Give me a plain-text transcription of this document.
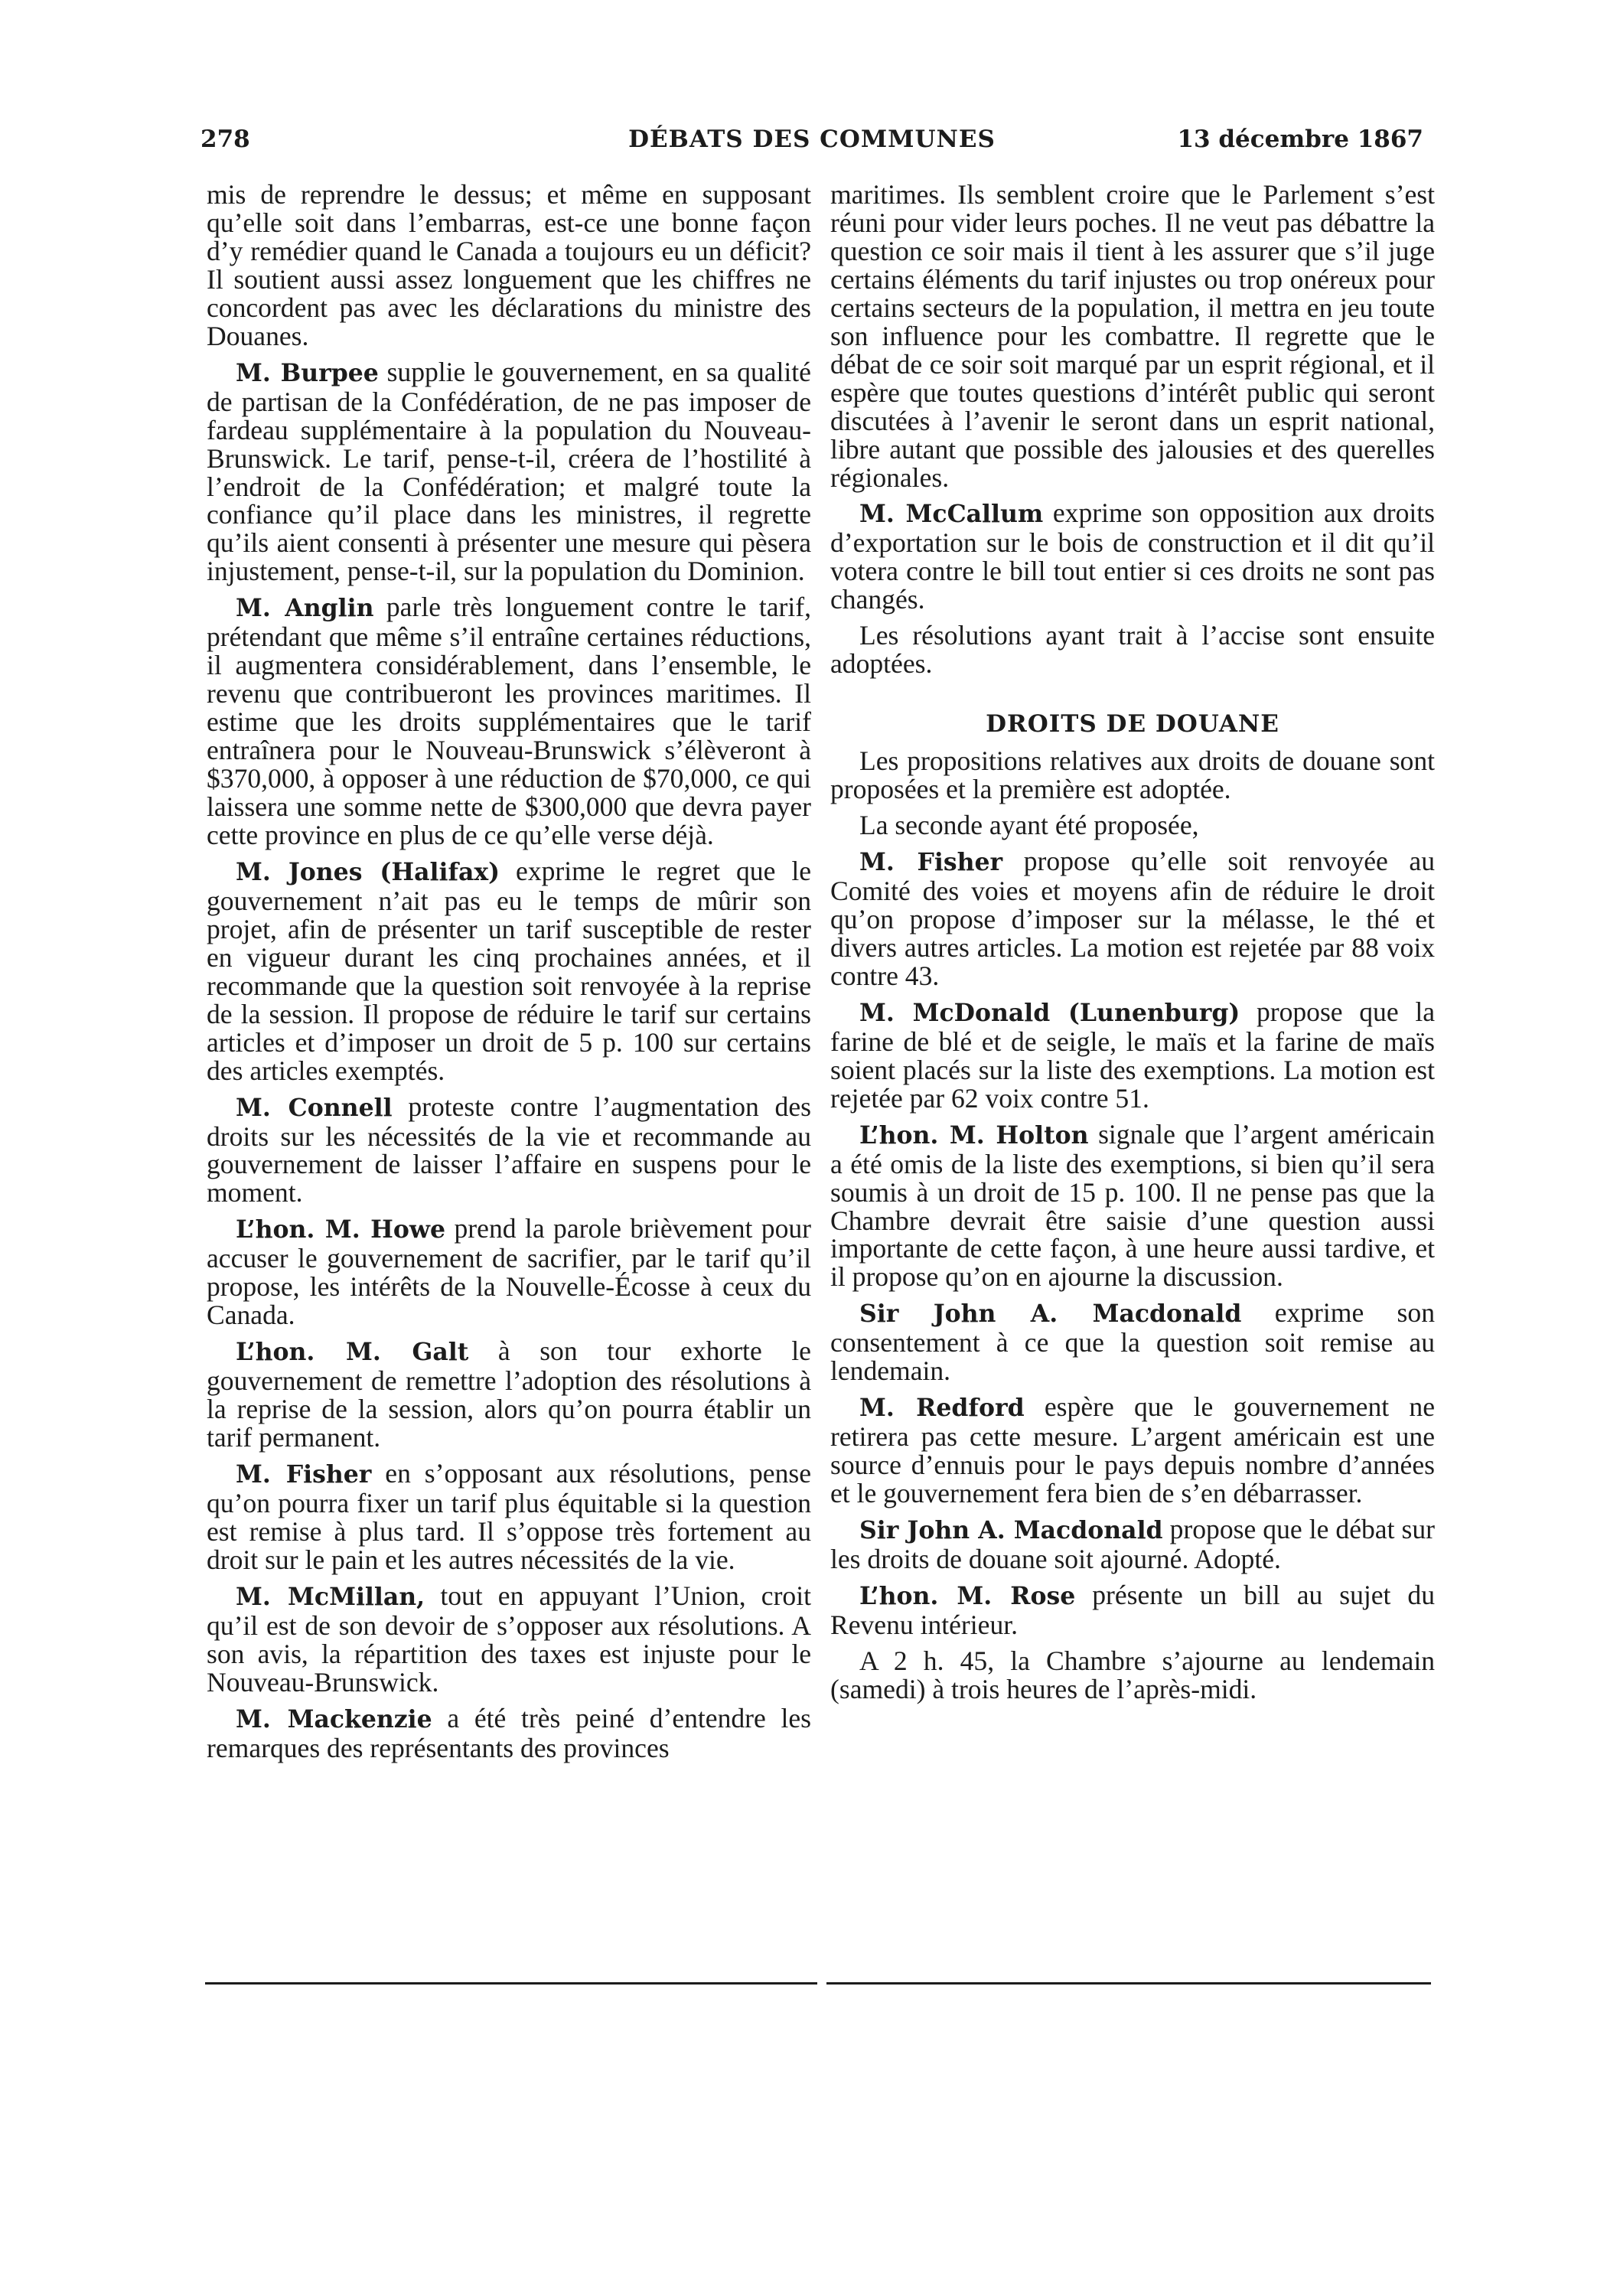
278	DÉBATS DES COMMUNES	13 décembre 1867

mis de reprendre le dessus; et même en supposant qu’elle soit dans l’embarras, est-ce une bonne façon d’y remédier quand le Canada a toujours eu un déficit? Il soutient aussi assez longuement que les chiffres ne concordent pas avec les déclarations du ministre des Douanes.

M. Burpee supplie le gouvernement, en sa qualité de partisan de la Confédération, de ne pas imposer de fardeau supplémentaire à la population du Nouveau-Brunswick. Le tarif, pense-t-il, créera de l’hostilité à l’endroit de la Confédération; et malgré toute la confiance qu’il place dans les ministres, il regrette qu’ils aient consenti à présenter une mesure qui pèsera injustement, pense-t-il, sur la population du Dominion.

M. Anglin parle très longuement contre le tarif, prétendant que même s’il entraîne certaines réductions, il augmentera considérablement, dans l’ensemble, le revenu que contribueront les provinces maritimes. Il estime que les droits supplémentaires que le tarif entraînera pour le Nouveau-Brunswick s’élèveront à $370,000, à opposer à une réduction de $70,000, ce qui laissera une somme nette de $300,000 que devra payer cette province en plus de ce qu’elle verse déjà.

M. Jones (Halifax) exprime le regret que le gouvernement n’ait pas eu le temps de mûrir son projet, afin de présenter un tarif susceptible de rester en vigueur durant les cinq prochaines années, et il recommande que la question soit renvoyée à la reprise de la session. Il propose de réduire le tarif sur certains articles et d’imposer un droit de 5 p. 100 sur certains des articles exemptés.

M. Connell proteste contre l’augmentation des droits sur les nécessités de la vie et recommande au gouvernement de laisser l’affaire en suspens pour le moment.

L’hon. M. Howe prend la parole brièvement pour accuser le gouvernement de sacrifier, par le tarif qu’il propose, les intérêts de la Nouvelle-Écosse à ceux du Canada.

L’hon. M. Galt à son tour exhorte le gouvernement de remettre l’adoption des résolutions à la reprise de la session, alors qu’on pourra établir un tarif permanent.

M. Fisher en s’opposant aux résolutions, pense qu’on pourra fixer un tarif plus équitable si la question est remise à plus tard. Il s’oppose très fortement au droit sur le pain et les autres nécessités de la vie.

M. McMillan, tout en appuyant l’Union, croit qu’il est de son devoir de s’opposer aux résolutions. A son avis, la répartition des taxes est injuste pour le Nouveau-Brunswick.

M. Mackenzie a été très peiné d’entendre les remarques des représentants des provinces

maritimes. Ils semblent croire que le Parlement s’est réuni pour vider leurs poches. Il ne veut pas débattre la question ce soir mais il tient à les assurer que s’il juge certains éléments du tarif injustes ou trop onéreux pour certains secteurs de la population, il mettra en jeu toute son influence pour les combattre. Il regrette que le débat de ce soir soit marqué par un esprit régional, et il espère que toutes questions d’intérêt public qui seront discutées à l’avenir le seront dans un esprit national, libre autant que possible des jalousies et des querelles régionales.

M. McCallum exprime son opposition aux droits d’exportation sur le bois de construction et il dit qu’il votera contre le bill tout entier si ces droits ne sont pas changés.

Les résolutions ayant trait à l’accise sont ensuite adoptées.

DROITS DE DOUANE

Les propositions relatives aux droits de douane sont proposées et la première est adoptée.

La seconde ayant été proposée,

M. Fisher propose qu’elle soit renvoyée au Comité des voies et moyens afin de réduire le droit qu’on propose d’imposer sur la mélasse, le thé et divers autres articles. La motion est rejetée par 88 voix contre 43.

M. McDonald (Lunenburg) propose que la farine de blé et de seigle, le maïs et la farine de maïs soient placés sur la liste des exemptions. La motion est rejetée par 62 voix contre 51.

L’hon. M. Holton signale que l’argent américain a été omis de la liste des exemptions, si bien qu’il sera soumis à un droit de 15 p. 100. Il ne pense pas que la Chambre devrait être saisie d’une question aussi importante de cette façon, à une heure aussi tardive, et il propose qu’on en ajourne la discussion.

Sir John A. Macdonald exprime son consentement à ce que la question soit remise au lendemain.

M. Redford espère que le gouvernement ne retirera pas cette mesure. L’argent américain est une source d’ennuis pour le pays depuis nombre d’années et le gouvernement fera bien de s’en débarrasser.

Sir John A. Macdonald propose que le débat sur les droits de douane soit ajourné. Adopté.

L’hon. M. Rose présente un bill au sujet du Revenu intérieur.

A 2 h. 45, la Chambre s’ajourne au lendemain (samedi) à trois heures de l’après-midi.
